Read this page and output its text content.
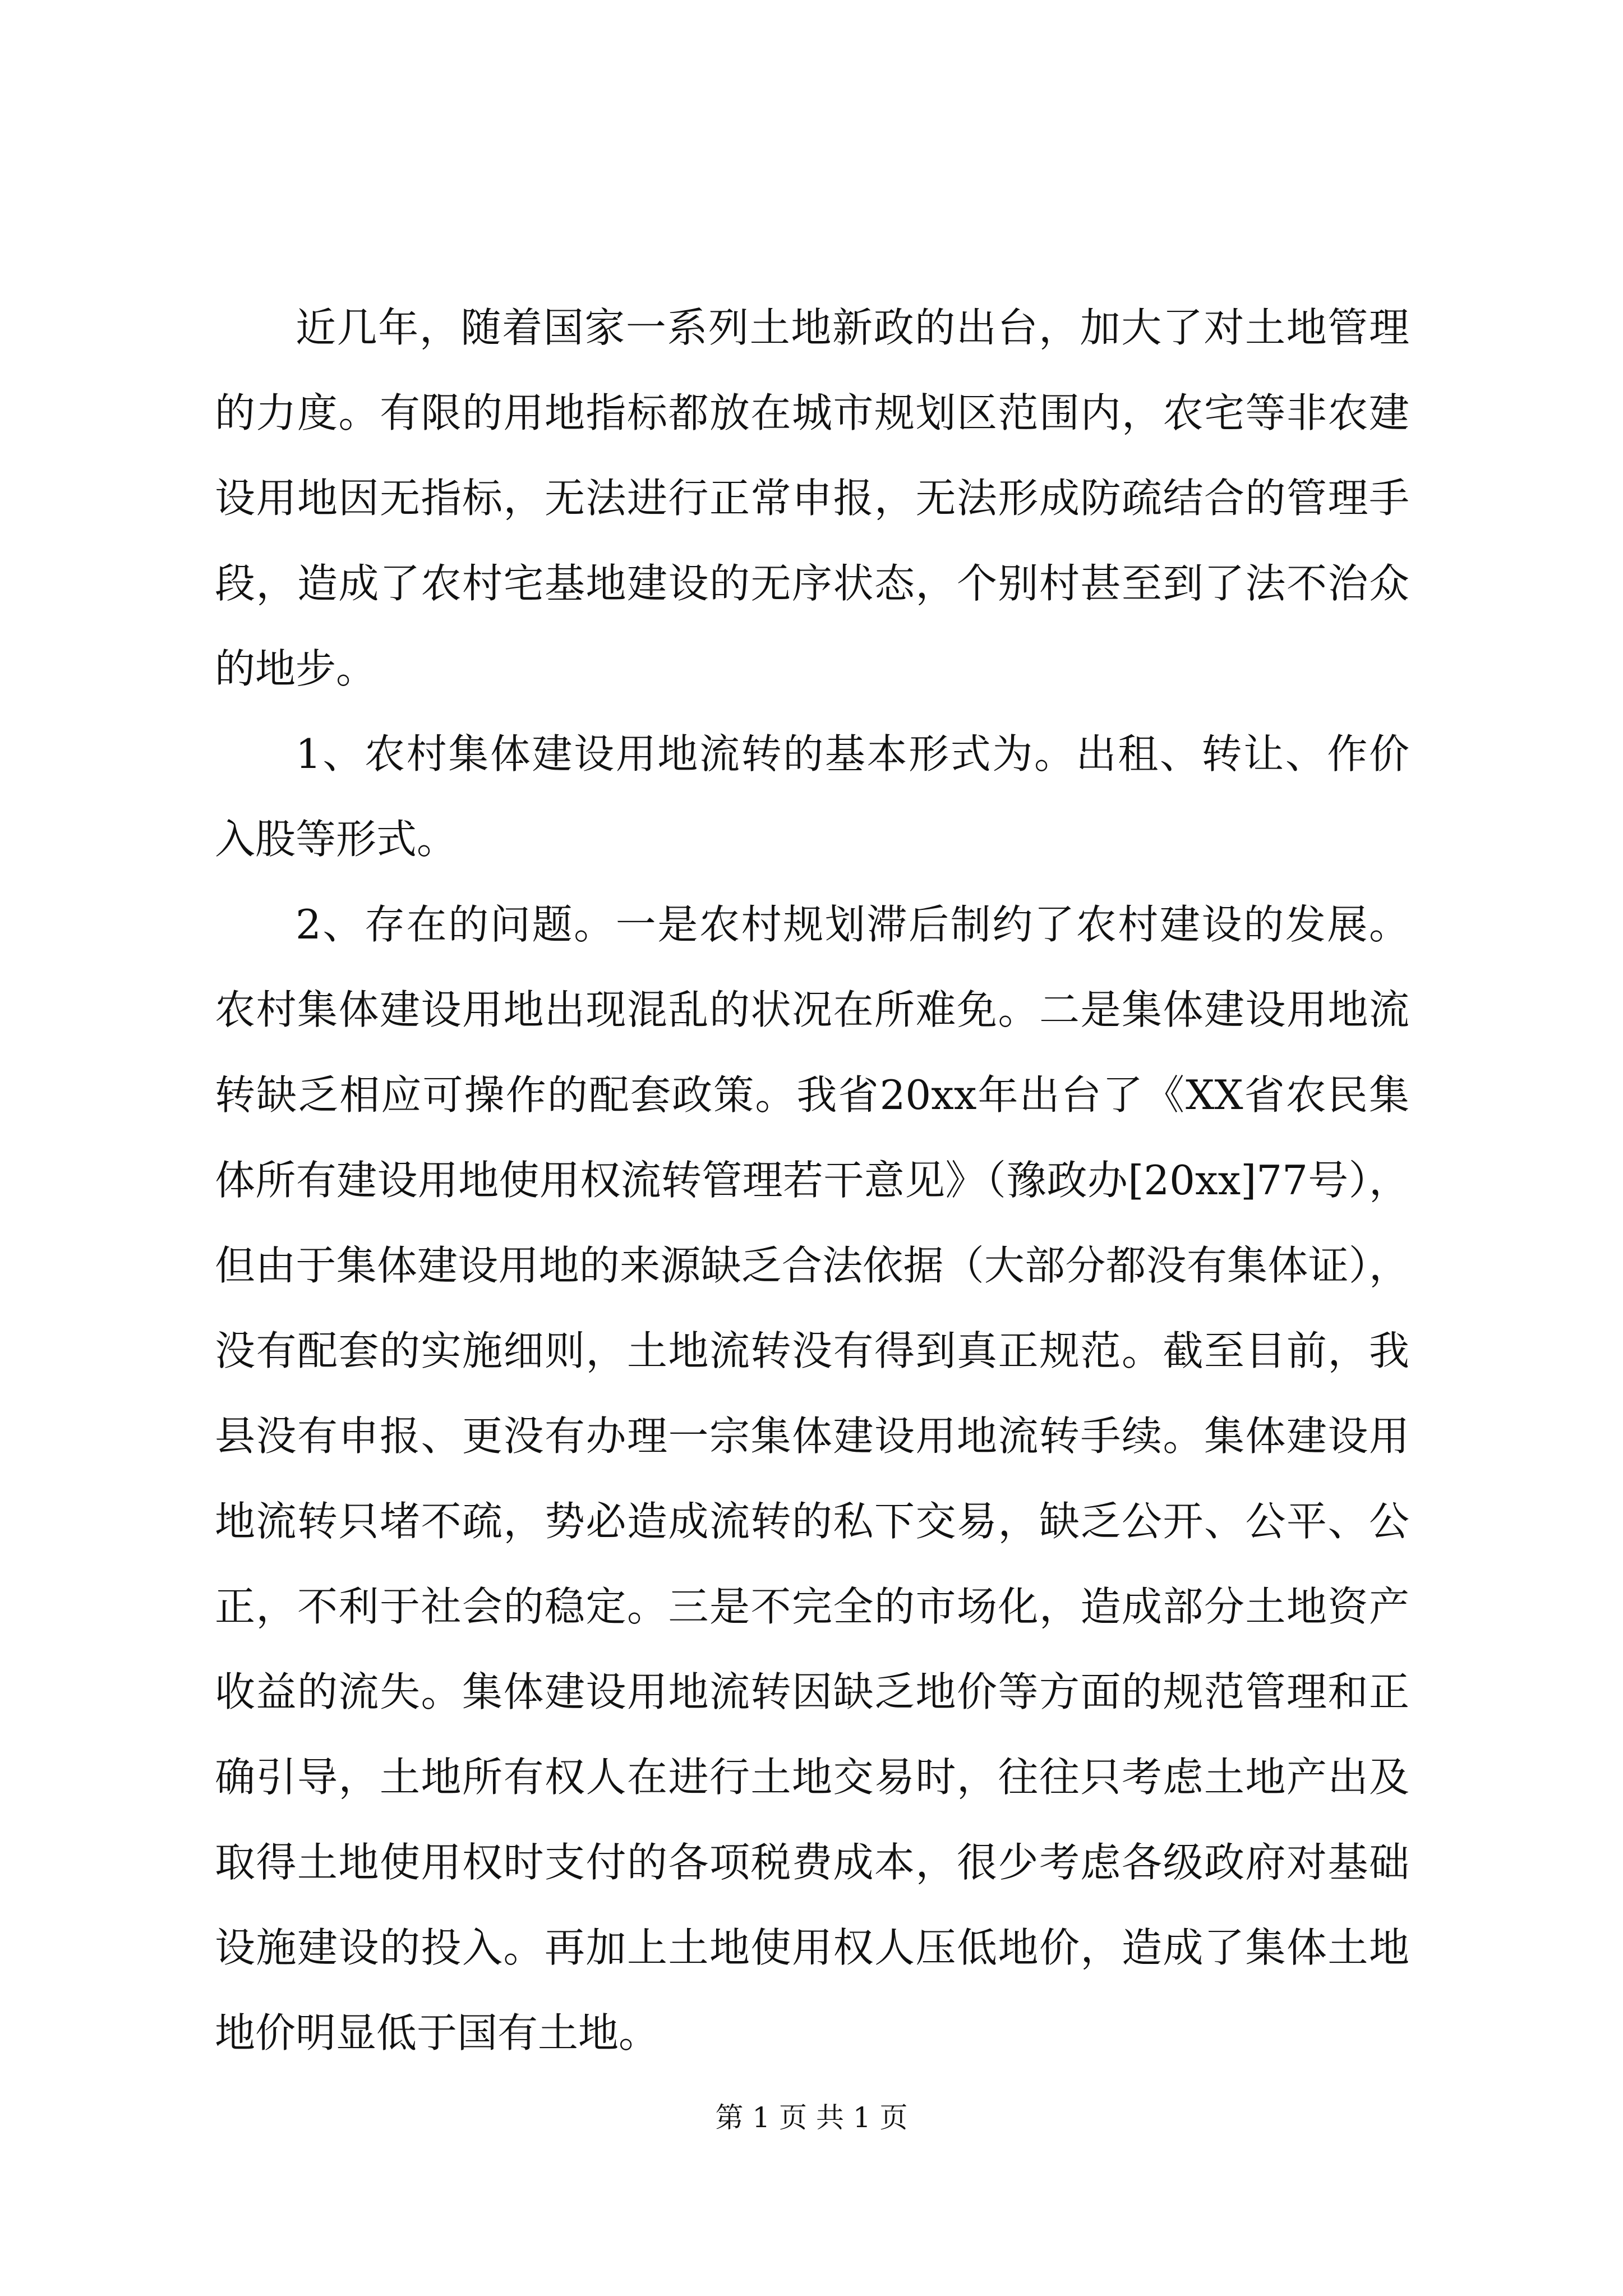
近几年，随着国家一系列土地新政的出台，加大了对土地管理的力度。有限的用地指标都放在城市规划区范围内，农宅等非农建设用地因无指标，无法进行正常申报，无法形成防疏结合的管理手段，造成了农村宅基地建设的无序状态，个别村甚至到了法不治众的地步。

1、农村集体建设用地流转的基本形式为。出租、转让、作价入股等形式。

2、存在的问题。一是农村规划滞后制约了农村建设的发展。农村集体建设用地出现混乱的状况在所难免。二是集体建设用地流转缺乏相应可操作的配套政策。我省20xx年出台了《XX省农民集体所有建设用地使用权流转管理若干意见》（豫政办[20xx]77号），但由于集体建设用地的来源缺乏合法依据（大部分都没有集体证），没有配套的实施细则，土地流转没有得到真正规范。截至目前，我县没有申报、更没有办理一宗集体建设用地流转手续。集体建设用地流转只堵不疏，势必造成流转的私下交易，缺乏公开、公平、公正，不利于社会的稳定。三是不完全的市场化，造成部分土地资产收益的流失。集体建设用地流转因缺乏地价等方面的规范管理和正确引导，土地所有权人在进行土地交易时，往往只考虑土地产出及取得土地使用权时支付的各项税费成本，很少考虑各级政府对基础设施建设的投入。再加上土地使用权人压低地价，造成了集体土地地价明显低于国有土地。

第 1 页 共 1 页
